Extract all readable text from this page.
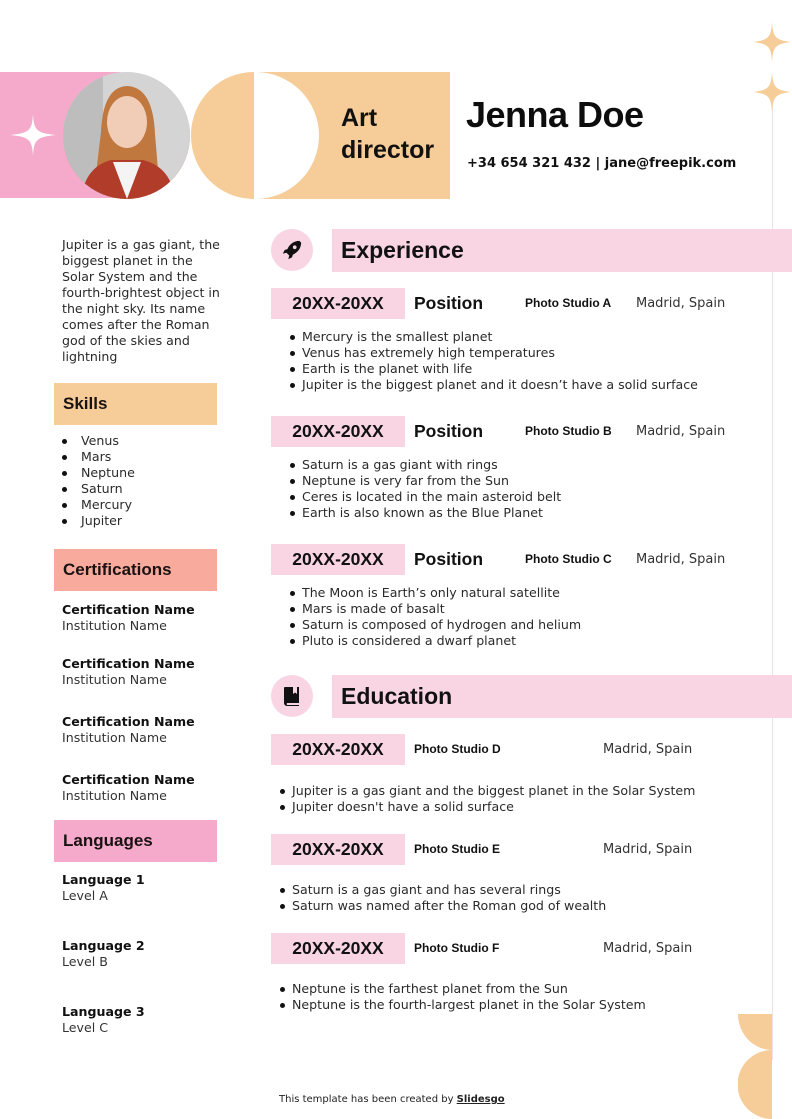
Art
director
Jenna Doe
+34 654 321 432 | jane@freepik.com
Jupiter is a gas giant, the biggest planet in the Solar System and the fourth-brightest object in the night sky. Its name comes after the Roman god of the skies and lightning
Skills
Venus
Mars
Neptune
Saturn
Mercury
Jupiter
Certifications
Certification Name
Institution Name
Certification Name
Institution Name
Certification Name
Institution Name
Certification Name
Institution Name
Languages
Language 1
Level A
Language 2
Level B
Language 3
Level C
Experience
20XX-20XX	Position	Photo Studio A Madrid, Spain
Mercury is the smallest planet
Venus has extremely high temperatures
Earth is the planet with life
Jupiter is the biggest planet and it doesn’t have a solid surface
20XX-20XX	Position	Photo Studio B Madrid, Spain
Saturn is a gas giant with rings
Neptune is very far from the Sun
Ceres is located in the main asteroid belt
Earth is also known as the Blue Planet
20XX-20XX	Position	Photo Studio C Madrid, Spain
The Moon is Earth’s only natural satellite
Mars is made of basalt
Saturn is composed of hydrogen and helium
Pluto is considered a dwarf planet
Education
20XX-20XX	Photo Studio D	Madrid, Spain
Jupiter is a gas giant and the biggest planet in the Solar System
Jupiter doesn't have a solid surface
20XX-20XX	Photo Studio E	Madrid, Spain
Saturn is a gas giant and has several rings
Saturn was named after the Roman god of wealth
20XX-20XX	Photo Studio F	Madrid, Spain
Neptune is the farthest planet from the Sun
Neptune is the fourth-largest planet in the Solar System
This template has been created by Slidesgo
